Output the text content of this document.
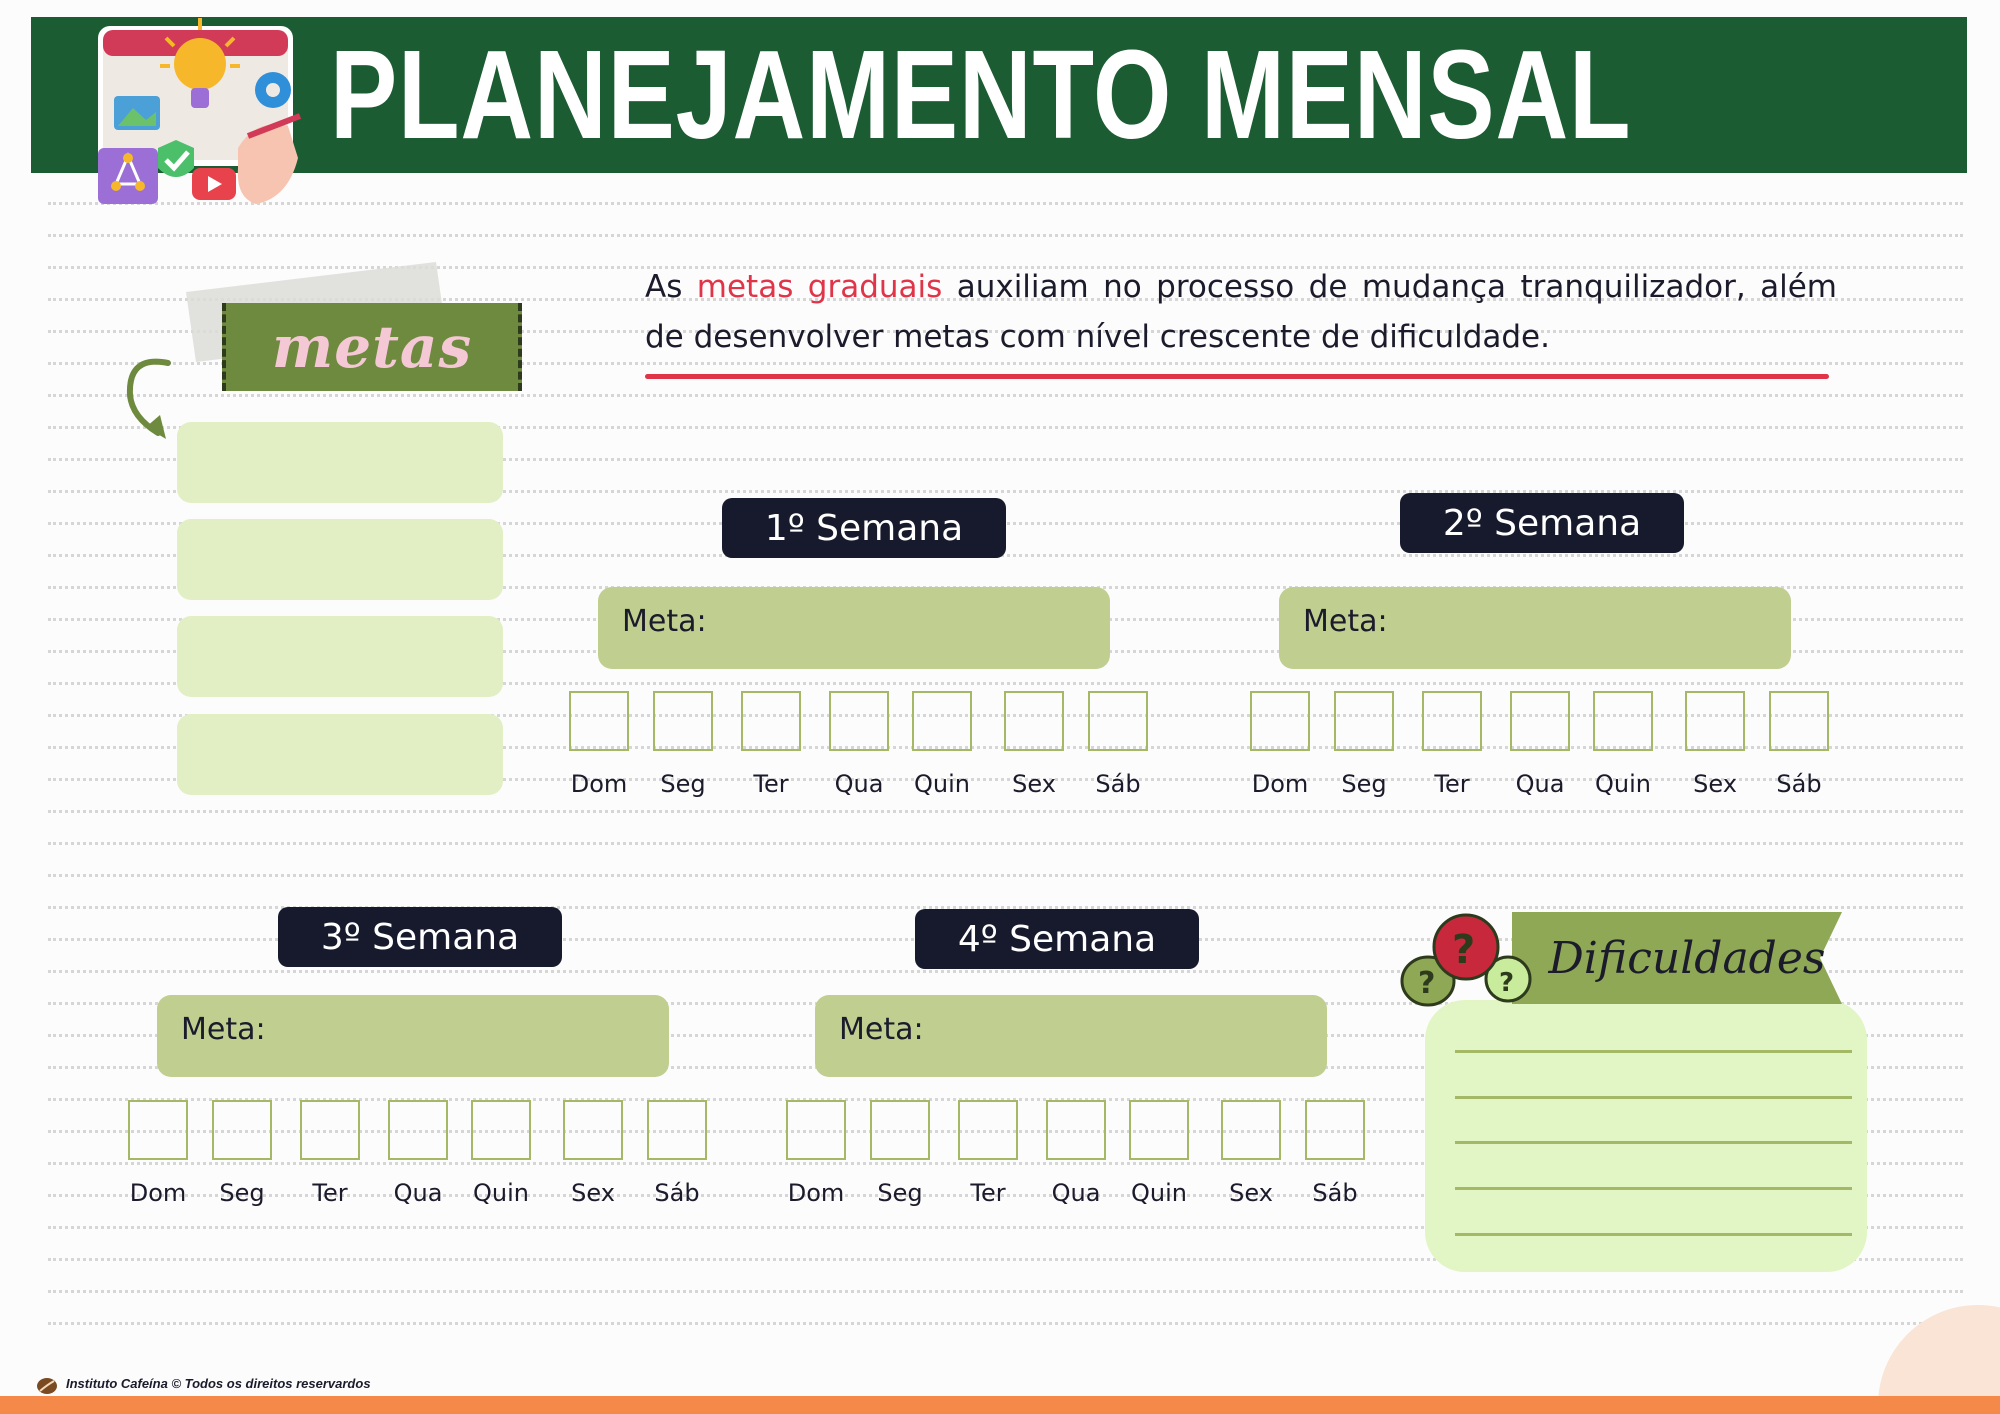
PLANEJAMENTO MENSAL
metas

As metas graduais auxiliam no processo de mudança tranquilizador, além de desenvolver metas com nível crescente de dificuldade.

1º Semana
Meta:
Dom	Seg	Ter	Qua	Quin	Sex	Sáb
2º Semana
Meta:
Dom	Seg	Ter	Qua	Quin	Sex	Sáb
3º Semana
Meta:
Dom	Seg	Ter	Qua	Quin	Sex	Sáb
4º Semana
Meta:
Dom	Seg	Ter	Qua	Quin	Sex	Sáb
Dificuldades
? ?
?
Instituto Cafeína © Todos os direitos reservardos
